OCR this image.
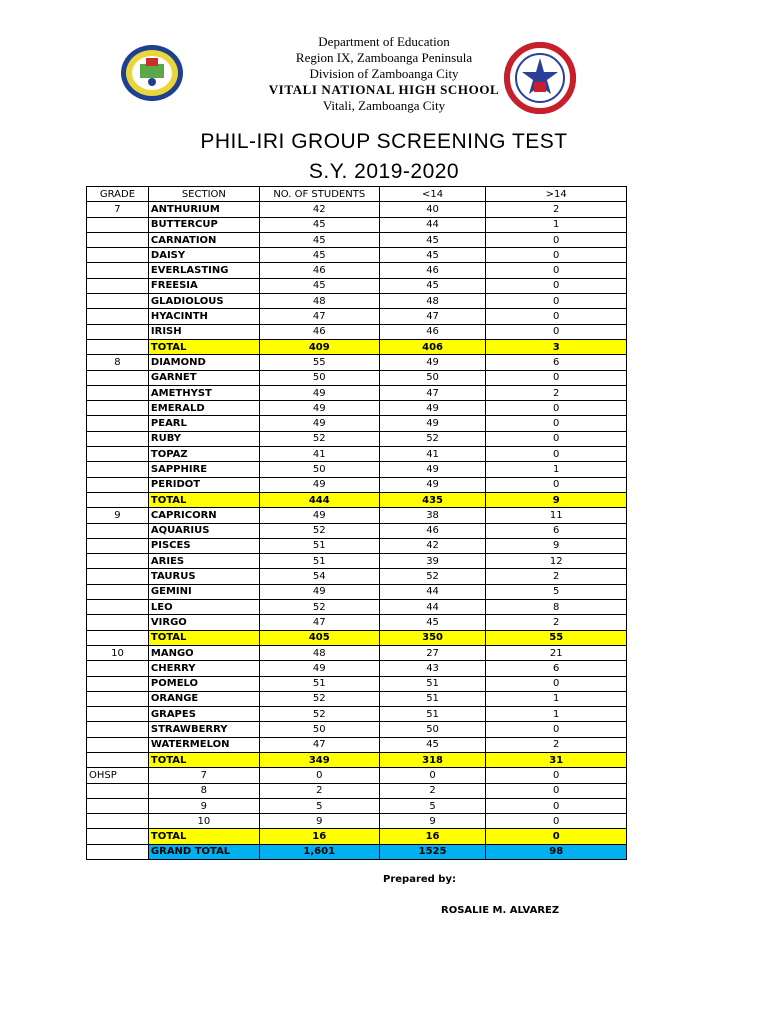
Department of Education
Region IX, Zamboanga Peninsula
Division of Zamboanga City
VITALI NATIONAL HIGH SCHOOL
Vitali, Zamboanga City
PHIL-IRI GROUP SCREENING TEST
S.Y. 2019-2020
GRADE	SECTION	NO. OF STUDENTS	<14	>14
7	ANTHURIUM	42	40	2
	BUTTERCUP	45	44	1
	CARNATION	45	45	0
	DAISY	45	45	0
	EVERLASTING	46	46	0
	FREESIA	45	45	0
	GLADIOLOUS	48	48	0
	HYACINTH	47	47	0
	IRISH	46	46	0
	TOTAL	409	406	3
8	DIAMOND	55	49	6
	GARNET	50	50	0
	AMETHYST	49	47	2
	EMERALD	49	49	0
	PEARL	49	49	0
	RUBY	52	52	0
	TOPAZ	41	41	0
	SAPPHIRE	50	49	1
	PERIDOT	49	49	0
	TOTAL	444	435	9
9	CAPRICORN	49	38	11
	AQUARIUS	52	46	6
	PISCES	51	42	9
	ARIES	51	39	12
	TAURUS	54	52	2
	GEMINI	49	44	5
	LEO	52	44	8
	VIRGO	47	45	2
	TOTAL	405	350	55
10	MANGO	48	27	21
	CHERRY	49	43	6
	POMELO	51	51	0
	ORANGE	52	51	1
	GRAPES	52	51	1
	STRAWBERRY	50	50	0
	WATERMELON	47	45	2
	TOTAL	349	318	31
OHSP	7	0	0	0
	8	2	2	0
	9	5	5	0
	10	9	9	0
	TOTAL	16	16	0
	GRAND TOTAL	1,601	1525	98
Prepared by:
ROSALIE M. ALVAREZ
